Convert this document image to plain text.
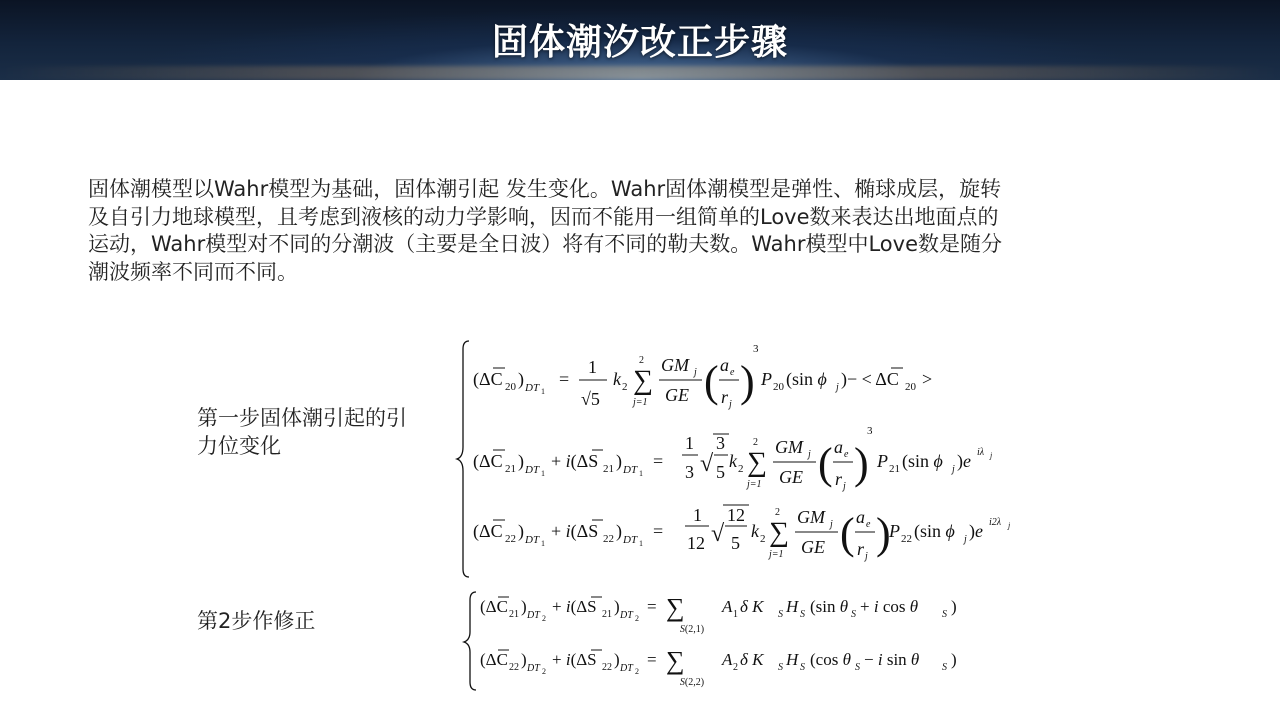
固体潮汐改正步骤
固体潮模型以Wahr模型为基础，固体潮引起 发生变化。Wahr固体潮模型是弹性、椭球成层，旋转及自引力地球模型，且考虑到液核的动力学影响，因而不能用一组简单的Love数来表达出地面点的运动，Wahr模型对不同的分潮波（主要是全日波）将有不同的勒夫数。Wahr模型中Love数是随分潮波频率不同而不同。
第一步固体潮引起的引力位变化
第2步作修正
(ΔC 20 ) DT 1
=
1
√5
k 2 ∑
2
j=1
GM j
GE ( a e
r j )
3
P 20 (sin ϕ j )− < ΔC 20 >
(ΔC 21 ) DT 1
+ i(ΔS 21 ) DT 1
=
1
3 √
3
5
k 2 ∑
2
j=1
GM j
GE ( a e
r j )
3
P 21 (sin ϕ j )e iλ j
(ΔC 22 ) DT 1
+ i(ΔS 22 ) DT 1
=
1
12 √
12
5
k 2 ∑
2
j=1
GM j
GE ( a e
r j )
P 22 (sin ϕ j )e i2λ j
(ΔC 21 ) DT 2
+ i(ΔS 21 ) DT 2
= ∑
S(2,1)
A 1 δ K S H S (sin θ S + i cos θ S )
(ΔC 22 ) DT 2
+ i(ΔS 22 ) DT 2
= ∑
S(2,2)
A 2 δ K S H S (cos θ S − i sin θ S )
